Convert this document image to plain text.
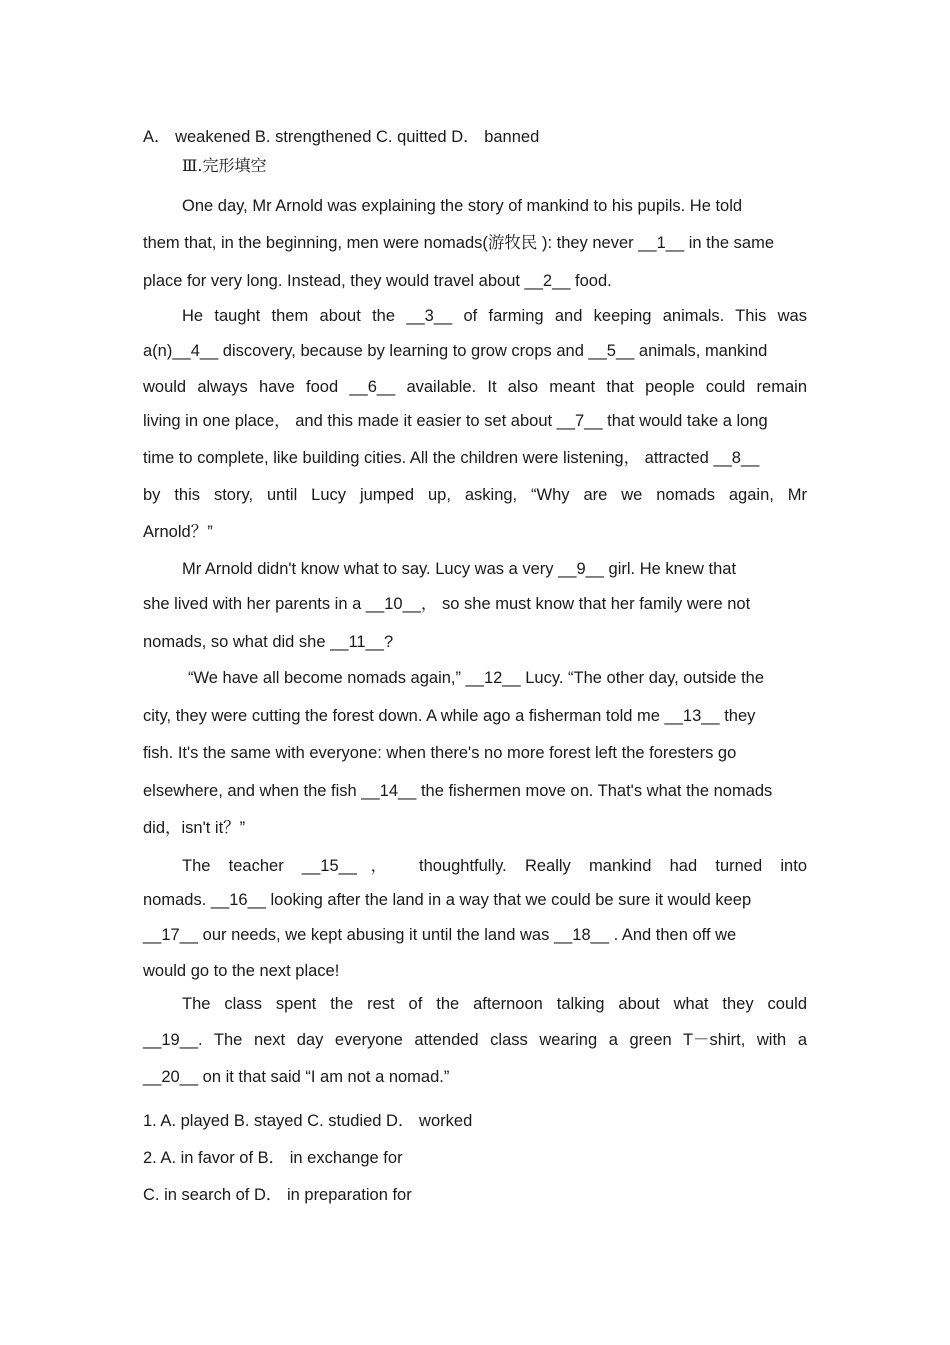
A． weakened B. strengthened C. quitted D． banned
Ⅲ.完形填空
One day, Mr Arnold was explaining the story of mankind to his pupils. He told
them that, in the beginning, men were nomads(游牧民 ): they never __1__ in the same
place for very long. Instead, they would travel about __2__ food.
He taught them about the __3__ of farming and keeping animals. This was
a(n)__4__ discovery, because by learning to grow crops and __5__ animals, mankind
would always have food __6__ available. It also meant that people could remain
living in one place， and this made it easier to set about __7__ that would take a long
time to complete, like building cities. All the children were listening， attracted __8__
by this story, until Lucy jumped up, asking, “Why are we nomads again, Mr
Arnold？”
Mr Arnold didn't know what to say. Lucy was a very __9__ girl. He knew that
she lived with her parents in a __10__， so she must know that her family were not
nomads, so what did she __11__?
“We have all become nomads again,” __12__ Lucy. “The other day, outside the
city, they were cutting the forest down. A while ago a fisherman told me __13__ they
fish. It's the same with everyone: when there's no more forest left the foresters go
elsewhere, and when the fish __14__ the fishermen move on. That's what the nomads
did，isn't it？”
The teacher __15__， thoughtfully. Really mankind had turned into
nomads. __16__ looking after the land in a way that we could be sure it would keep
__17__ our needs, we kept abusing it until the land was __18__ . And then off we
would go to the next place!
The class spent the rest of the afternoon talking about what they could
__19__. The next day everyone attended class wearing a green T－shirt, with a
__20__ on it that said “I am not a nomad.”
1. A. played B. stayed C. studied D． worked
2. A. in favor of B． in exchange for
C. in search of D． in preparation for
